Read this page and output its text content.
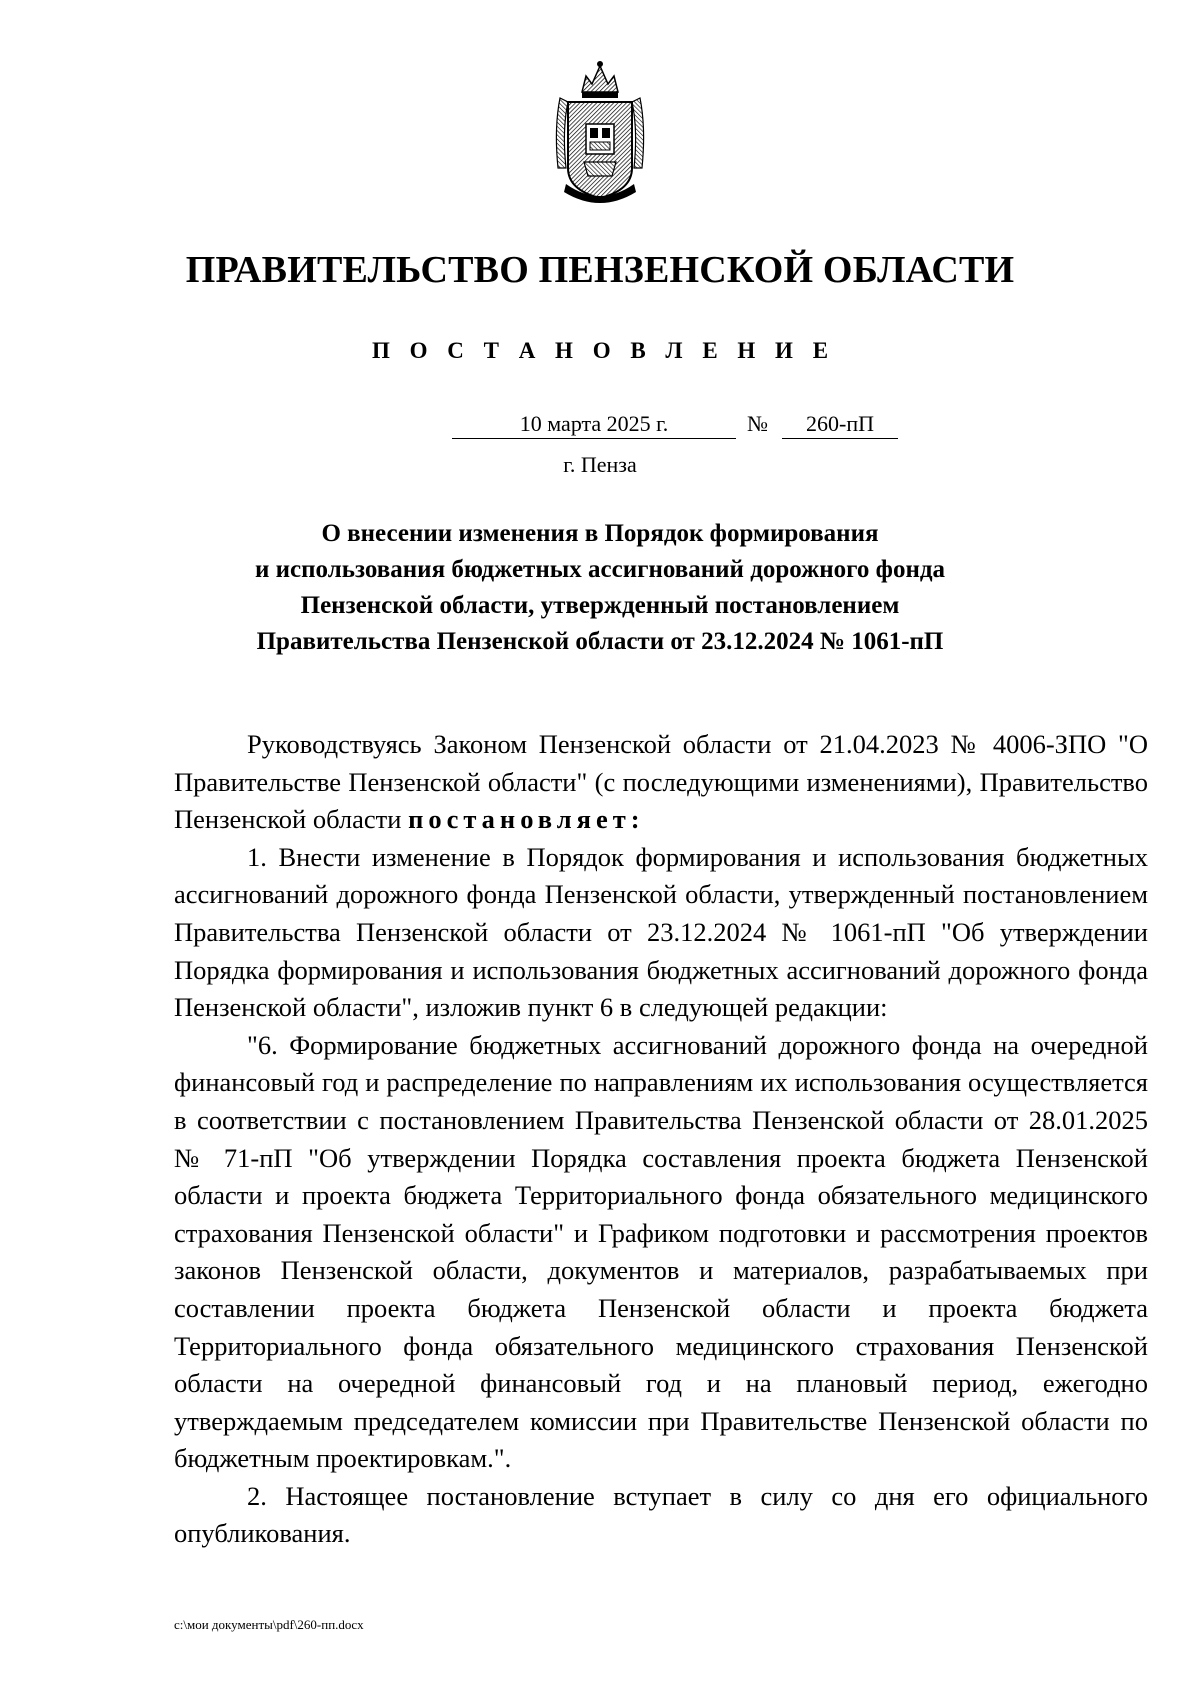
ПРАВИТЕЛЬСТВО ПЕНЗЕНСКОЙ ОБЛАСТИ
П О С Т А Н О В Л Е Н И Е
10 марта 2025 г.	№	260-пП
г. Пенза
О внесении изменения в Порядок формирования
и использования бюджетных ассигнований дорожного фонда
Пензенской области, утвержденный постановлением
Правительства Пензенской области от 23.12.2024 № 1061-пП

Руководствуясь Законом Пензенской области от 21.04.2023 № 4006-ЗПО "О Правительстве Пензенской области" (с последующими изменениями), Правительство Пензенской области постановляет:

1. Внести изменение в Порядок формирования и использования бюджетных ассигнований дорожного фонда Пензенской области, утвержденный постановлением Правительства Пензенской области от 23.12.2024 № 1061-пП "Об утверждении Порядка формирования и использования бюджетных ассигнований дорожного фонда Пензенской области", изложив пункт 6 в следующей редакции:

"6. Формирование бюджетных ассигнований дорожного фонда на очередной финансовый год и распределение по направлениям их использования осуществляется в соответствии с постановлением Правительства Пензенской области от 28.01.2025 № 71-пП "Об утверждении Порядка составления проекта бюджета Пензенской области и проекта бюджета Территориального фонда обязательного медицинского страхования Пензенской области" и Графиком подготовки и рассмотрения проектов законов Пензенской области, документов и материалов, разрабатываемых при составлении проекта бюджета Пензенской области и проекта бюджета Территориального фонда обязательного медицинского страхования Пензенской области на очередной финансовый год и на плановый период, ежегодно утверждаемым председателем комиссии при Правительстве Пензенской области по бюджетным проектировкам.".

2. Настоящее постановление вступает в силу со дня его официального опубликования.

c:\мои документы\pdf\260-пп.docx
